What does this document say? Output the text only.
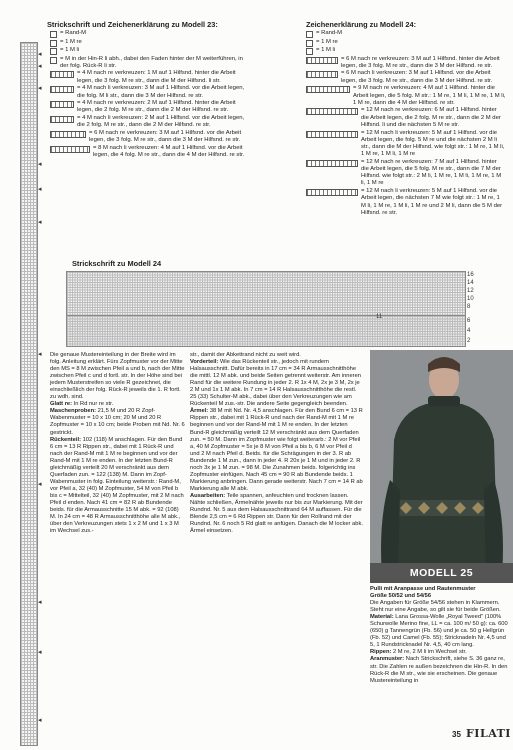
◂
◂
◂
◂
◂
◂
◂
◂
◂
◂
◂
Strickschrift und Zeichenerklärung zu Modell 23:
= Rand-M
= 1 M re
= 1 M li
= M in der Hin-R li abh., dabei den Faden hinter der M weiterführen, in der folg. Rück-R li str.
= 4 M nach re verkreuzen: 1 M auf 1 Hilfsnd. hinter die Arbeit legen, die 3 folg. M re str., dann die M der Hilfsnd. li str.
= 4 M nach li verkreuzen: 3 M auf 1 Hilfsnd. vor die Arbeit legen, die folg. M li str., dann die 3 M der Hilfsnd. re str.
= 4 M nach re verkreuzen: 2 M auf 1 Hilfsnd. hinter die Arbeit legen, die 2 folg. M re str., dann die 2 M der Hilfsnd. re str.
= 4 M nach li verkreuzen: 2 M auf 1 Hilfsnd. vor die Arbeit legen, die 2 folg. M re str., dann die 2 M der Hilfsnd. re str.
= 6 M nach re verkreuzen: 3 M auf 1 Hilfsnd. vor die Arbeit legen, die 3 folg. M re str., dann die 3 M der Hilfsnd. re str.
= 8 M nach li verkreuzen: 4 M auf 1 Hilfsnd. vor die Arbeit legen, die 4 folg. M re str., dann die 4 M der Hilfsnd. re str.
Zeichenerklärung zu Modell 24:
= Rand-M
= 1 M re
= 1 M li
= 6 M nach re verkreuzen: 3 M auf 1 Hilfsnd. hinter die Arbeit legen, die 3 folg. M re str., dann die 3 M der Hilfsnd. re str.
= 6 M nach li verkreuzen: 3 M auf 1 Hilfsnd. vor die Arbeit legen, die 3 folg. M re str., dann die 3 M der Hilfsnd. re str.
= 9 M nach re verkreuzen: 4 M auf 1 Hilfsnd. hinter die Arbeit legen, die 5 folg. M str.: 1 M re, 1 M li, 1 M re, 1 M li, 1 M re, dann die 4 M der Hilfsnd. re str.
= 12 M nach re verkreuzen: 6 M auf 1 Hilfsnd. hinter die Arbeit legen, die 2 folg. M re str., dann die 2 M der Hilfsnd. li und die nächsten 5 M re str.
= 12 M nach li verkreuzen: 5 M auf 1 Hilfsnd. vor die Arbeit legen, die folg. 5 M re und die nächsten 2 M li str., dann die M der Hilfsnd. wie folgt str.: 1 M re, 1 M li, 1 M re, 1 M li, 1 M re
= 12 M nach re verkreuzen: 7 M auf 1 Hilfsnd. hinter die Arbeit legen, die 5 folg. M re str., dann die 7 M der Hilfsnd. wie folgt str.: 2 M li, 1 M re, 1 M li, 1 M re, 1 M li, 1 M re
= 12 M nach li verkreuzen: 5 M auf 1 Hilfsnd. vor die Arbeit legen, die nächsten 7 M wie folgt str.: 1 M re, 1 M li, 1 M re, 1 M li, 1 M re und 2 M li, dann die 5 M der Hilfsnd. re str.
Strickschrift zu Modell 24
16
14
12
10
8
6
4
2
11

Die genaue Mustereinteilung in der Breite wird im folg. Anleitung erklärt. Fürs Zopfmuster vor der Mitte den MS = 8 M zwischen Pfeil a und b, nach der Mitte zwischen Pfeil c und d fortl. str. In der Höhe sind bei jedem Musterstreifen so viele R gezeichnet, die einschließlich der folg. Rück-R jeweils die 1. R fortl. zu wdh. sind.

Glatt re: In Rd nur re str.

Maschenproben: 21,5 M und 20 R Zopf-Wabenmuster = 10 x 10 cm; 20 M und 20 R Zopfmuster = 10 x 10 cm; beide Proben mit Nd. Nr. 6 gestrickt.

Rückenteil: 102 (118) M anschlagen. Für den Bund 6 cm = 13 R Rippen str., dabei mit 1 Rück-R und nach der Rand-M mit 1 M re beginnen und vor der Rand-M mit 1 M re enden. In der letzten Bund-R gleichmäßig verteilt 20 M verschränkt aus dem Querfaden zun. = 122 (138) M. Dann im Zopf-Wabenmuster in folg. Einteilung weiterstr.: Rand-M, vor Pfeil a, 32 (40) M Zopfmuster, 54 M von Pfeil b bis c = Mittelteil, 32 (40) M Zopfmuster, mit 2 M nach Pfeil d enden. Nach 41 cm = 82 R ab Bundende beids. für die Armausschnitte 15 M abk. = 92 (108) M. In 24 cm = 48 R Armausschnitthöhe alle M abk., über den Verkreuzungen stets 1 x 2 M und 1 x 3 M im Wechsel zus.-

str., damit der Abkettrand nicht zu weit wird.

Vorderteil: Wie das Rückenteil str., jedoch mit rundem Halsausschnitt. Dafür bereits in 17 cm = 34 R Armausschnitthöhe die mittl. 12 M abk. und beide Seiten getrennt weiterstr. Am inneren Rand für die weitere Rundung in jeder 2. R 1x 4 M, 2x je 3 M, 2x je 2 M und 1x 1 M abk. In 7 cm = 14 R Halsausschnitthöhe die restl. 25 (33) Schulter-M abk., dabei über den Verkreuzungen wie am Rückenteil M zus.-str. Die andere Seite gegengleich beenden.

Ärmel: 38 M mit Nd. Nr. 4,5 anschlagen. Für den Bund 6 cm = 13 R Rippen str., dabei mit 1 Rück-R und nach der Rand-M mit 1 M re beginnen und vor der Rand-M mit 1 M re enden. In der letzten Bund-R gleichmäßig verteilt 12 M verschränkt aus dem Querfaden zun. = 50 M. Dann im Zopfmuster wie folgt weiterarb.: 2 M vor Pfeil a, 40 M Zopfmuster = 5x je 8 M von Pfeil a bis b, 6 M vor Pfeil d und 2 M nach Pfeil d. Beids. für die Schrägungen in der 3. R ab Bundende 1 M zun., dann in jeder 4. R 20x je 1 M und in jeder 2. R noch 3x je 1 M zun. = 98 M. Die Zunahmen beids. folgerichtig ins Zopfmuster einfügen. Nach 45 cm = 90 R ab Bundende beids. 1 Markierung anbringen. Dann gerade weiterstr. Nach 7 cm = 14 R ab Markierung alle M abk.

Ausarbeiten: Teile spannen, anfeuchten und trocknen lassen. Nähte schließen, Ärmelnähte jeweils nur bis zur Markierung. Mit der Rundnd. Nr. 5 aus dem Halsausschnittrand 64 M auffassen. Für die Blende 2,5 cm = 6 Rd Rippen str. Dann für den Rollrand mit der Rundnd. Nr. 6 noch 5 Rd glatt re anfügen. Danach die M locker abk. Ärmel einsetzen.

MODELL 25
Pulli mit Aranpasse und Rautenmuster
Größe 50/52 und 54/56
Die Angaben für Größe 54/56 stehen in Klammern. Steht nur eine Angabe, so gilt sie für beide Größen.
Material: Lana Grossa-Wolle „Royal Tweed" (100% Schurwolle Merino fine, LL = ca. 100 m/ 50 g): ca. 600 (650) g Tannengrün (Fb. 56) und je ca. 50 g Hellgrün (Fb. 52) und Camel (Fb. 55); Stricknadeln Nr. 4,5 und 5, 1 Rundstricknadel Nr. 4,5, 40 cm lang.
Rippen: 2 M re, 2 M li im Wechsel str.
Aranmuster: Nach Strickschrift, siehe S. 36 ganz re, str. Die Zahlen re außen bezeichnen die Hin-R. In den Rück-R die M str., wie sie erscheinen. Die genaue Mustereinteilung in
35 FILATI
